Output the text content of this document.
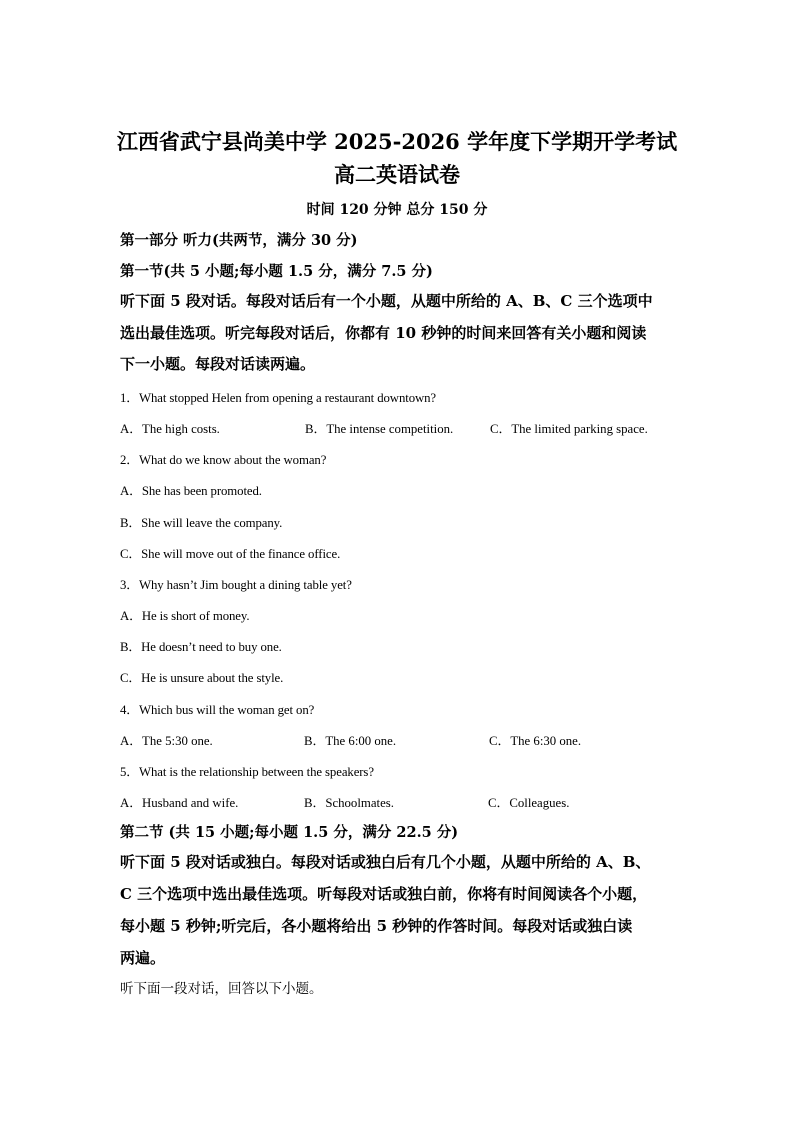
江西省武宁县尚美中学 2025-2026 学年度下学期开学考试
高二英语试卷
时间 120 分钟 总分 150 分
第一部分 听力(共两节，满分 30 分)
第一节(共 5 小题;每小题 1.5 分，满分 7.5 分)
听下面 5 段对话。每段对话后有一个小题，从题中所给的 A、B、C 三个选项中
选出最佳选项。听完每段对话后，你都有 10 秒钟的时间来回答有关小题和阅读
下一小题。每段对话读两遍。
1．What stopped Helen from opening a restaurant downtown?
A．The high costs.	B．The intense competition.	C．The limited parking space.
2．What do we know about the woman?
A．She has been promoted.
B．She will leave the company.
C．She will move out of the finance office.
3．Why hasn’t Jim bought a dining table yet?
A．He is short of money.
B．He doesn’t need to buy one.
C．He is unsure about the style.
4．Which bus will the woman get on?
A．The 5:30 one.	B．The 6:00 one.	C．The 6:30 one.
5．What is the relationship between the speakers?
A．Husband and wife.	B．Schoolmates.	C．Colleagues.
第二节 (共 15 小题;每小题 1.5 分，满分 22.5 分)
听下面 5 段对话或独白。每段对话或独白后有几个小题，从题中所给的 A、B、
C 三个选项中选出最佳选项。听每段对话或独白前，你将有时间阅读各个小题，
每小题 5 秒钟;听完后，各小题将给出 5 秒钟的作答时间。每段对话或独白读
两遍。
听下面一段对话，回答以下小题。
